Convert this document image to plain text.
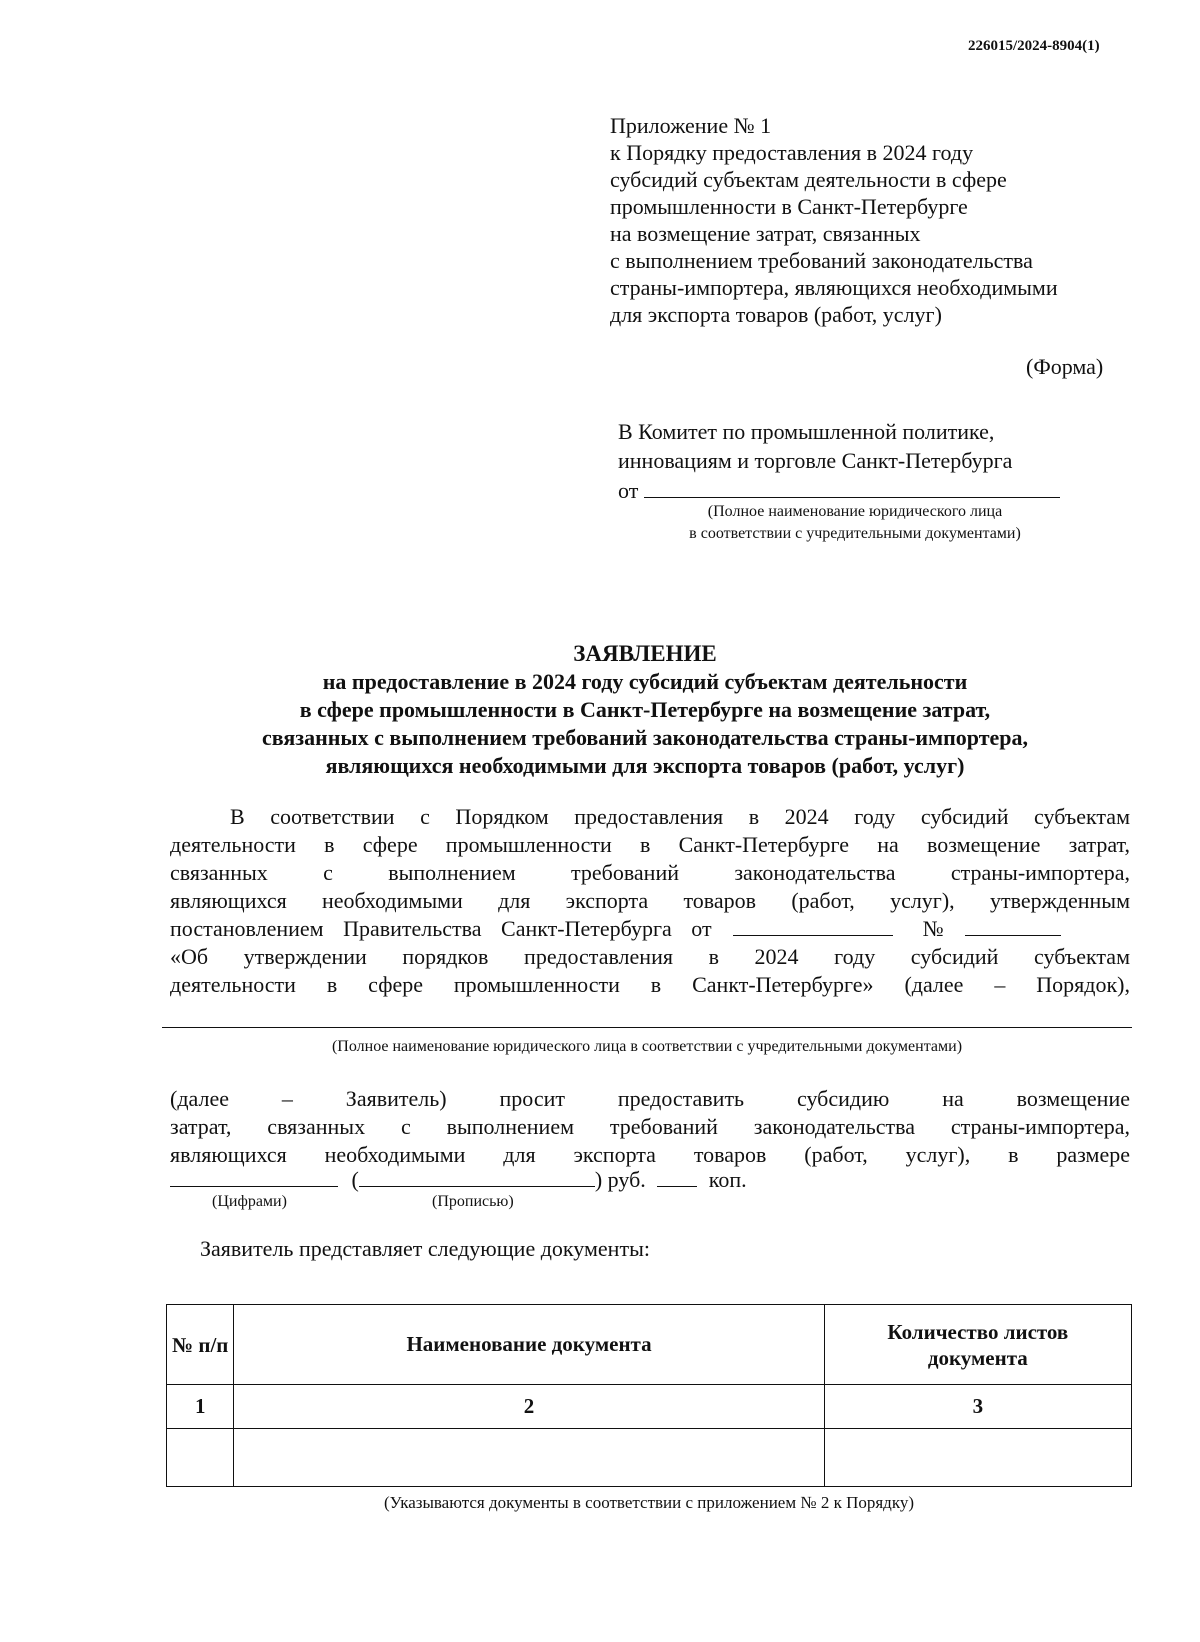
226015/2024-8904(1)
Приложение № 1
к Порядку предоставления в 2024 году
субсидий субъектам деятельности в сфере
промышленности в Санкт-Петербурге
на возмещение затрат, связанных
с выполнением требований законодательства
страны-импортера, являющихся необходимыми
для экспорта товаров (работ, услуг)
(Форма)
В Комитет по промышленной политике,
инновациям и торговле Санкт-Петербурга
от
(Полное наименование юридического лица
в соответствии с учредительными документами)
ЗАЯВЛЕНИЕ
на предоставление в 2024 году субсидий субъектам деятельности
в сфере промышленности в Санкт-Петербурге на возмещение затрат,
связанных с выполнением требований законодательства страны-импортера,
являющихся необходимыми для экспорта товаров (работ, услуг)
В соответствии с Порядком предоставления в 2024 году субсидий субъектам
деятельности в сфере промышленности в Санкт-Петербурге на возмещение затрат,
связанных с выполнением требований законодательства страны-импортера,
являющихся необходимыми для экспорта товаров (работ, услуг), утвержденным
постановлением Правительства Санкт-Петербурга от	№
«Об утверждении порядков предоставления в 2024 году субсидий субъектам
деятельности в сфере промышленности в Санкт-Петербурге» (далее – Порядок),
(Полное наименование юридического лица в соответствии с учредительными документами)
(далее – Заявитель) просит предоставить субсидию на возмещение
затрат, связанных с выполнением требований законодательства страны-импортера,
являющихся необходимыми для экспорта товаров (работ, услуг), в размере
(	) руб.	коп.
(Цифрами)	(Прописью)
Заявитель представляет следующие документы:
№ п/п	Наименование документа	Количество листов документа
1	2	3

(Указываются документы в соответствии с приложением № 2 к Порядку)
